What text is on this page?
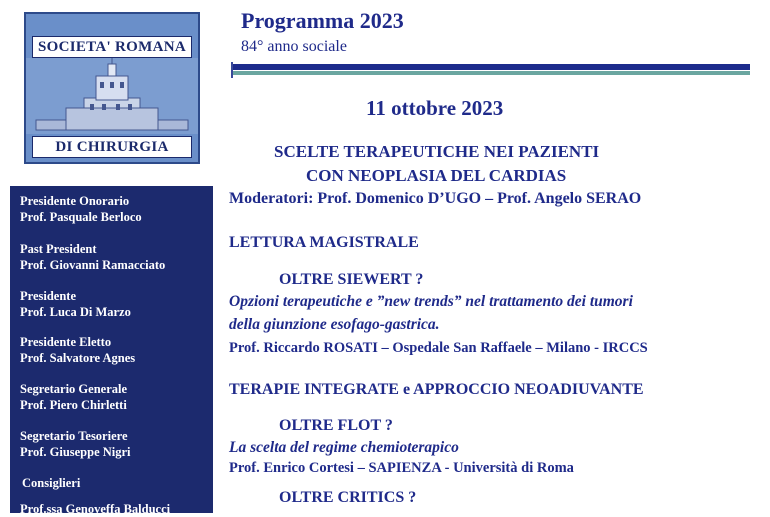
SOCIETA' ROMANA
DI CHIRURGIA
Programma 2023
84° anno sociale
11 ottobre 2023
SCELTE TERAPEUTICHE NEI PAZIENTI
CON NEOPLASIA DEL CARDIAS
Moderatori: Prof. Domenico D’UGO – Prof. Angelo SERAO
LETTURA MAGISTRALE
OLTRE SIEWERT ?
Opzioni terapeutiche e ”new trends” nel trattamento dei tumori
della giunzione esofago-gastrica.
Prof. Riccardo ROSATI – Ospedale San Raffaele – Milano - IRCCS
TERAPIE INTEGRATE e APPROCCIO NEOADIUVANTE
OLTRE FLOT ?
La scelta del regime chemioterapico
Prof. Enrico Cortesi – SAPIENZA - Università di Roma
OLTRE CRITICS ?
Presidente Onorario
Prof. Pasquale Berloco
Past President
Prof. Giovanni Ramacciato
Presidente
Prof. Luca Di Marzo
Presidente Eletto
Prof. Salvatore Agnes
Segretario Generale
Prof. Piero Chirletti
Segretario Tesoriere
Prof. Giuseppe Nigri
Consiglieri
Prof.ssa Genoveffa Balducci
